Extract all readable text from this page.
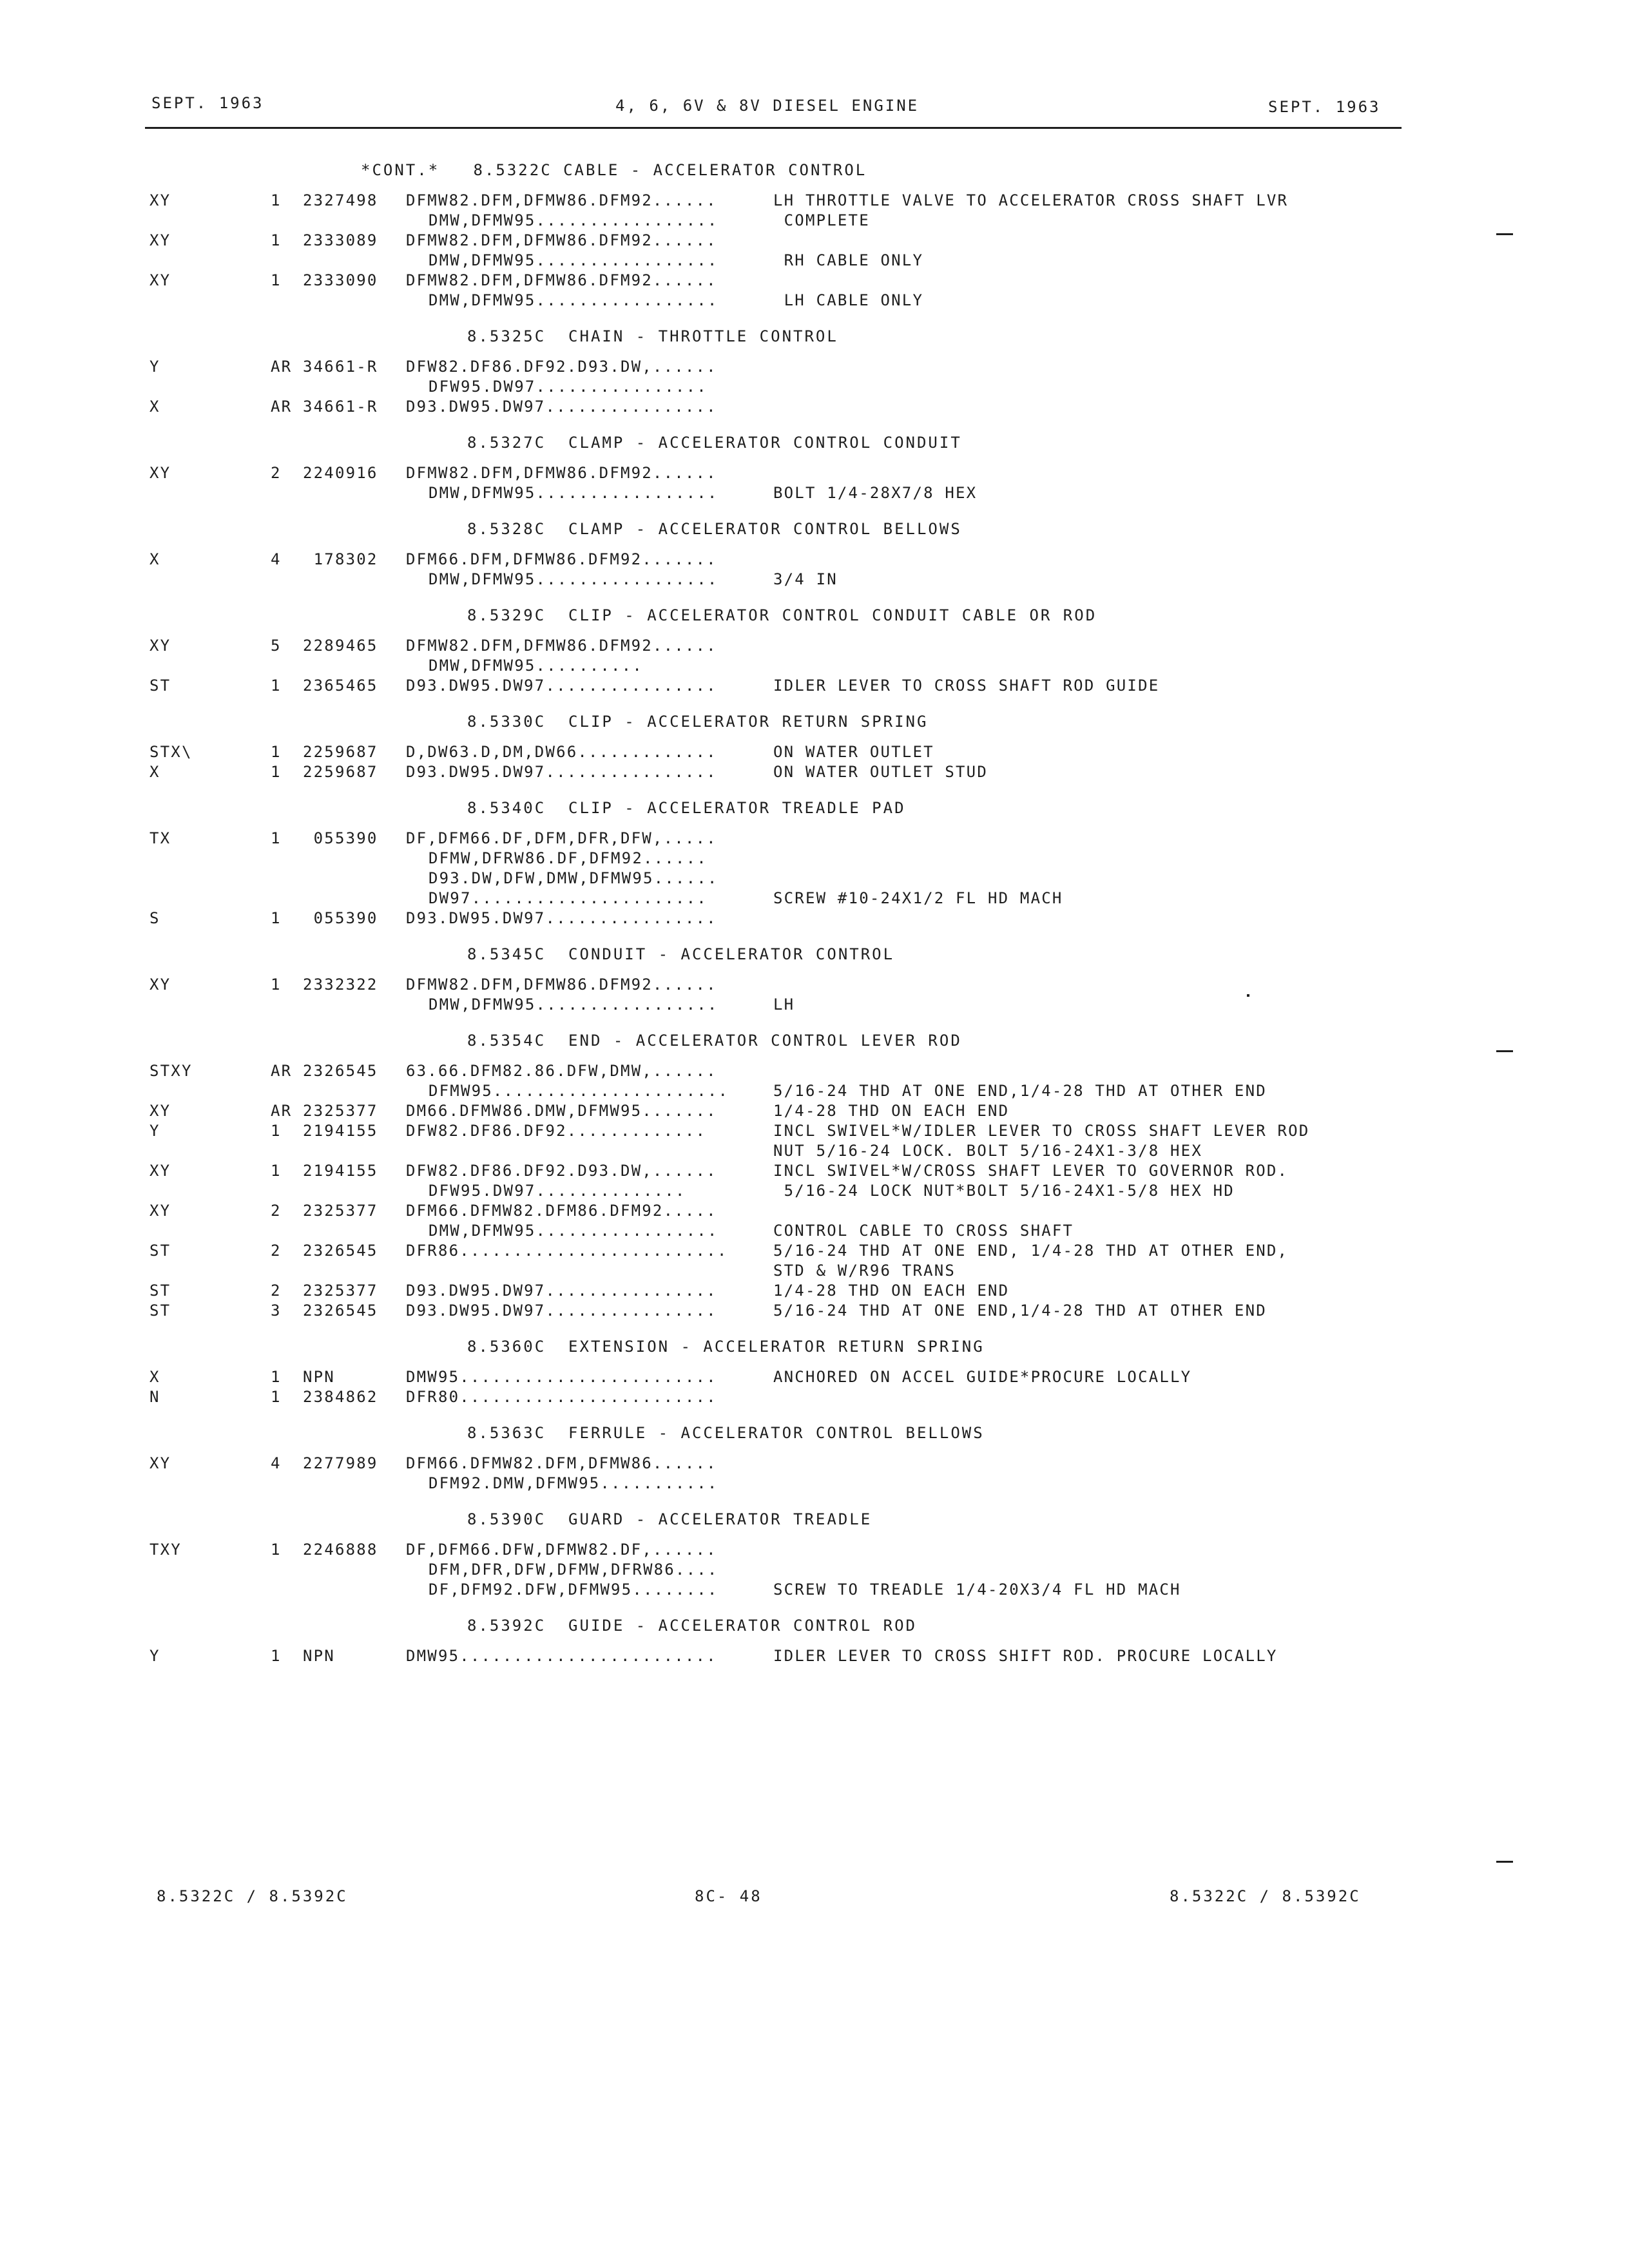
SEPT. 1963	4, 6, 6V & 8V DIESEL ENGINE	SEPT. 1963
*CONT.*   8.5322C CABLE - ACCELERATOR CONTROL
XY	1 2327498 DFMW82.DFM,DFMW86.DFM92......	LH THROTTLE VALVE TO ACCELERATOR CROSS SHAFT LVR
DMW,DFMW95.................	COMPLETE
XY	1 2333089 DFMW82.DFM,DFMW86.DFM92......
DMW,DFMW95.................	RH CABLE ONLY
XY	1 2333090 DFMW82.DFM,DFMW86.DFM92......
DMW,DFMW95.................	LH CABLE ONLY
8.5325C  CHAIN - THROTTLE CONTROL
Y	AR 34661-R DFW82.DF86.DF92.D93.DW,......
DFW95.DW97................
X	AR 34661-R D93.DW95.DW97................
8.5327C  CLAMP - ACCELERATOR CONTROL CONDUIT
XY	2 2240916 DFMW82.DFM,DFMW86.DFM92......
DMW,DFMW95.................	BOLT 1/4-28X7/8 HEX
8.5328C  CLAMP - ACCELERATOR CONTROL BELLOWS
X	4 178302 DFM66.DFM,DFMW86.DFM92.......
DMW,DFMW95.................	3/4 IN
8.5329C  CLIP - ACCELERATOR CONTROL CONDUIT CABLE OR ROD
XY	5 2289465 DFMW82.DFM,DFMW86.DFM92......
DMW,DFMW95..........
ST	1 2365465 D93.DW95.DW97................	IDLER LEVER TO CROSS SHAFT ROD GUIDE
8.5330C  CLIP - ACCELERATOR RETURN SPRING
STX\	1 2259687 D,DW63.D,DM,DW66.............	ON WATER OUTLET
X	1 2259687 D93.DW95.DW97................	ON WATER OUTLET STUD
8.5340C  CLIP - ACCELERATOR TREADLE PAD
TX	1 055390 DF,DFM66.DF,DFM,DFR,DFW,.....
DFMW,DFRW86.DF,DFM92......
D93.DW,DFW,DMW,DFMW95......
DW97......................	SCREW #10-24X1/2 FL HD MACH
S	1 055390 D93.DW95.DW97................
8.5345C  CONDUIT - ACCELERATOR CONTROL
XY	1 2332322 DFMW82.DFM,DFMW86.DFM92......
DMW,DFMW95.................	LH
8.5354C  END - ACCELERATOR CONTROL LEVER ROD
STXY	AR 2326545 63.66.DFM82.86.DFW,DMW,......
DFMW95......................	5/16-24 THD AT ONE END,1/4-28 THD AT OTHER END
XY	AR 2325377 DM66.DFMW86.DMW,DFMW95.......	1/4-28 THD ON EACH END
Y	1 2194155 DFW82.DF86.DF92.............	INCL SWIVEL*W/IDLER LEVER TO CROSS SHAFT LEVER ROD
NUT 5/16-24 LOCK. BOLT 5/16-24X1-3/8 HEX
XY	1 2194155 DFW82.DF86.DF92.D93.DW,......	INCL SWIVEL*W/CROSS SHAFT LEVER TO GOVERNOR ROD.
DFW95.DW97..............	5/16-24 LOCK NUT*BOLT 5/16-24X1-5/8 HEX HD
XY	2 2325377 DFM66.DFMW82.DFM86.DFM92.....
DMW,DFMW95.................	CONTROL CABLE TO CROSS SHAFT
ST	2 2326545 DFR86.........................	5/16-24 THD AT ONE END, 1/4-28 THD AT OTHER END,
STD & W/R96 TRANS
ST	2 2325377 D93.DW95.DW97................	1/4-28 THD ON EACH END
ST	3 2326545 D93.DW95.DW97................	5/16-24 THD AT ONE END,1/4-28 THD AT OTHER END
8.5360C  EXTENSION - ACCELERATOR RETURN SPRING
X	1 NPN	DMW95........................	ANCHORED ON ACCEL GUIDE*PROCURE LOCALLY
N	1 2384862 DFR80........................
8.5363C  FERRULE - ACCELERATOR CONTROL BELLOWS
XY	4 2277989 DFM66.DFMW82.DFM,DFMW86......
DFM92.DMW,DFMW95...........
8.5390C  GUARD - ACCELERATOR TREADLE
TXY	1 2246888 DF,DFM66.DFW,DFMW82.DF,......
DFM,DFR,DFW,DFMW,DFRW86....
DF,DFM92.DFW,DFMW95........	SCREW TO TREADLE 1/4-20X3/4 FL HD MACH
8.5392C  GUIDE - ACCELERATOR CONTROL ROD
Y	1 NPN	DMW95........................	IDLER LEVER TO CROSS SHIFT ROD. PROCURE LOCALLY
8.5322C / 8.5392C	8C- 48	8.5322C / 8.5392C
